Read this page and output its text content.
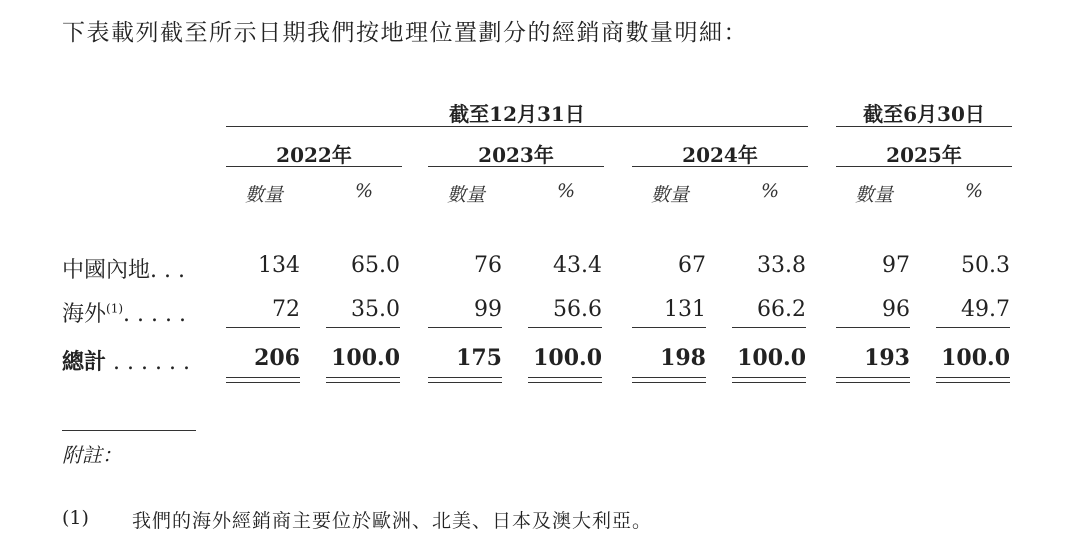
下表載列截至所示日期我們按地理位置劃分的經銷商數量明細：
截至12月31日	截至6月30日
2022年	2023年	2024年	2025年
數量	%	數量	%	數量	%	數量	%
中國內地. . .	134	65.0	76	43.4	67	33.8	97	50.3
海外$^{(1)}$. . . . .	72	35.0	99	56.6	131	66.2	96	49.7
總計 . . . . . .	206	100.0	175	100.0	198	100.0	193	100.0
附註：
(1) 我們的海外經銷商主要位於歐洲、北美、日本及澳大利亞。
